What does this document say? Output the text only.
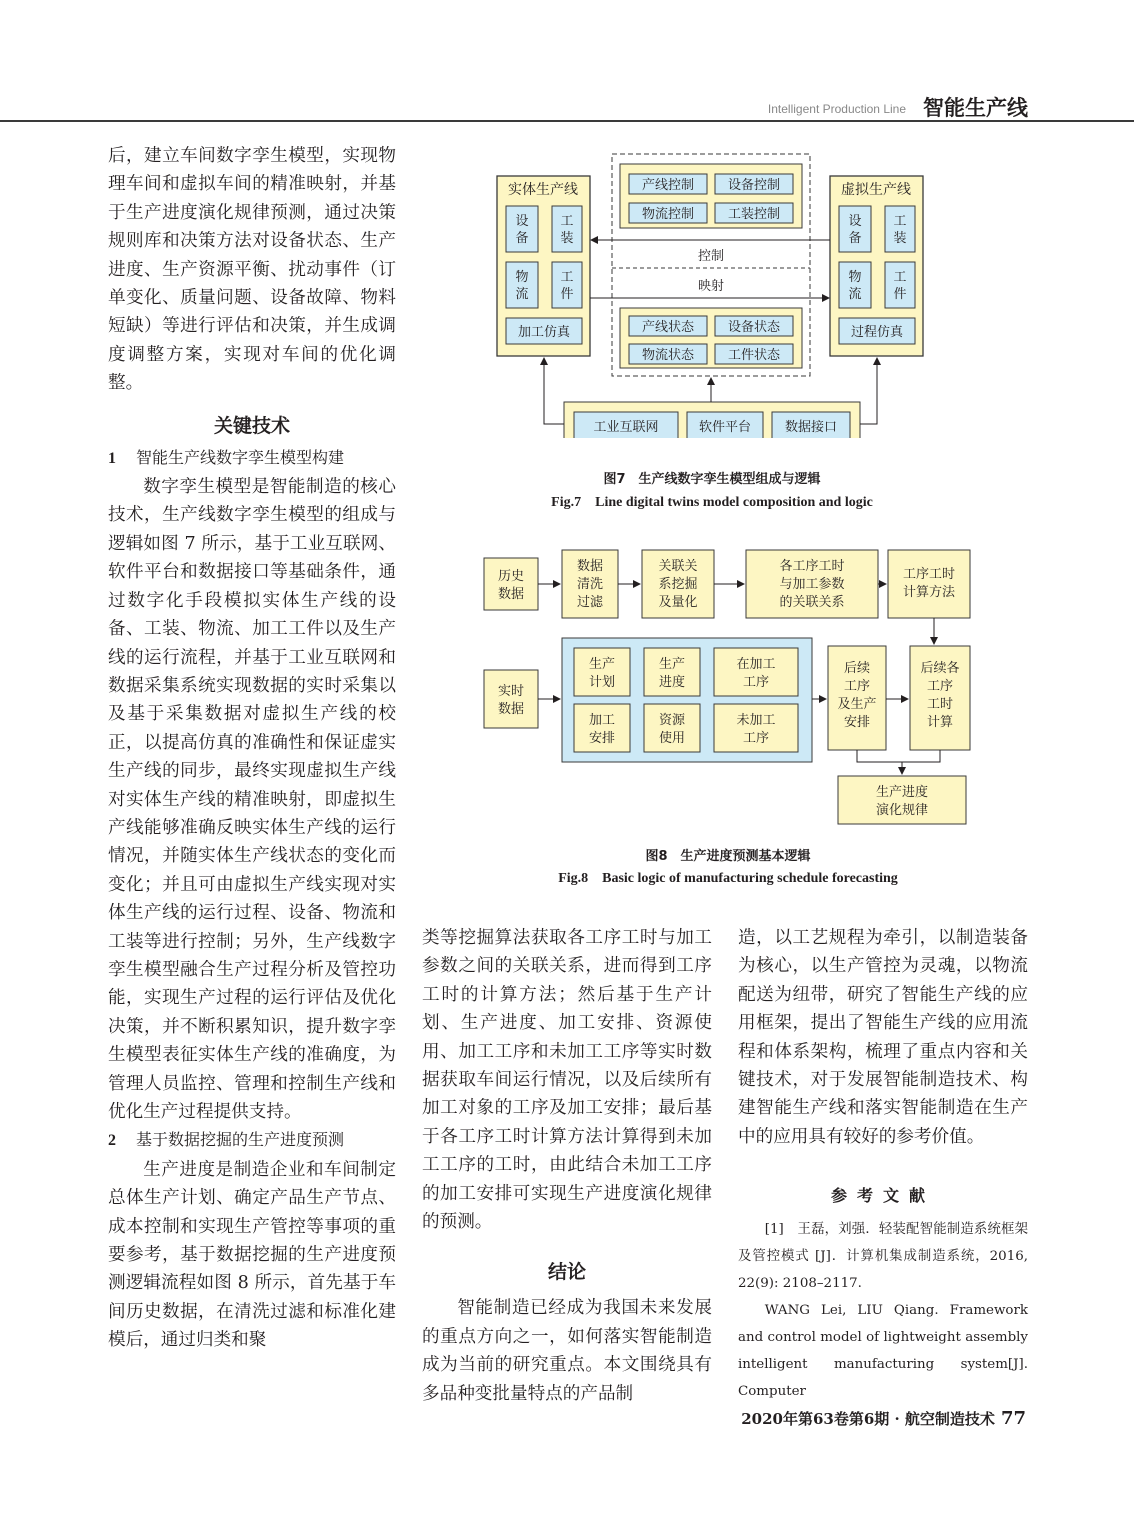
Intelligent Production Line 智能生产线

后，建立车间数字孪生模型，实现物理车间和虚拟车间的精准映射，并基于生产进度演化规律预测，通过决策规则库和决策方法对设备状态、生产进度、生产资源平衡、扰动事件（订单变化、质量问题、设备故障、物料短缺）等进行评估和决策，并生成调度调整方案，实现对车间的优化调整。

关键技术
1 智能生产线数字孪生模型构建

数字孪生模型是智能制造的核心技术，生产线数字孪生模型的组成与逻辑如图 7 所示，基于工业互联网、软件平台和数据接口等基础条件，通过数字化手段模拟实体生产线的设备、工装、物流、加工工件以及生产线的运行流程，并基于工业互联网和数据采集系统实现数据的实时采集以及基于采集数据对虚拟生产线的校正，以提高仿真的准确性和保证虚实生产线的同步，最终实现虚拟生产线对实体生产线的精准映射，即虚拟生产线能够准确反映实体生产线的运行情况，并随实体生产线状态的变化而变化；并且可由虚拟生产线实现对实体生产线的运行过程、设备、物流和工装等进行控制；另外，生产线数字孪生模型融合生产过程分析及管控功能，实现生产过程的运行评估及优化决策，并不断积累知识，提升数字孪生模型表征实体生产线的准确度，为管理人员监控、管理和控制生产线和优化生产过程提供支持。

2 基于数据挖掘的生产进度预测

生产进度是制造企业和车间制定总体生产计划、确定产品生产节点、成本控制和实现生产管控等事项的重要参考，基于数据挖掘的生产进度预测逻辑流程如图 8 所示，首先基于车间历史数据，在清洗过滤和标准化建模后，通过归类和聚

实体生产线
设备
工装
物流
工件
加工仿真
虚拟生产线
设备
工装
物流
工件
过程仿真
产线控制	设备控制
物流控制	工装控制
产线状态	设备状态
物流状态	工件状态
控制
映射
工业互联网	软件平台	数据接口
图7　生产线数字孪生模型组成与逻辑
Fig.7　Line digital twins model composition and logic
历史
数据
数据
清洗
过滤
关联关
系挖掘
及量化
各工序工时
与加工参数
的关联关系
工序工时
计算方法
实时
数据
生产
计划
生产
进度
在加工
工序
加工
安排
资源
使用
未加工
工序
后续
工序
及生产
安排
后续各
工序
工时
计算
生产进度
演化规律
图8　生产进度预测基本逻辑
Fig.8　Basic logic of manufacturing schedule forecasting

类等挖掘算法获取各工序工时与加工参数之间的关联关系，进而得到工序工时的计算方法；然后基于生产计划、生产进度、加工安排、资源使用、加工工序和未加工工序等实时数据获取车间运行情况，以及后续所有加工对象的工序及加工安排；最后基于各工序工时计算方法计算得到未加工工序的工时，由此结合未加工工序的加工安排可实现生产进度演化规律的预测。

结论

智能制造已经成为我国未来发展的重点方向之一，如何落实智能制造成为当前的研究重点。本文围绕具有多品种变批量特点的产品制

造，以工艺规程为牵引，以制造装备为核心，以生产管控为灵魂，以物流配送为纽带，研究了智能生产线的应用框架，提出了智能生产线的应用流程和体系架构，梳理了重点内容和关键技术，对于发展智能制造技术、构建智能生产线和落实智能制造在生产中的应用具有较好的参考价值。

参考文献

[1]　王磊，刘强．轻装配智能制造系统框架及管控模式 [J]．计算机集成制造系统，2016, 22(9): 2108–2117.

WANG Lei, LIU Qiang. Framework and control model of lightweight assembly intelligent manufacturing system[J]. Computer

2020年第63卷第6期 · 航空制造技术 77
